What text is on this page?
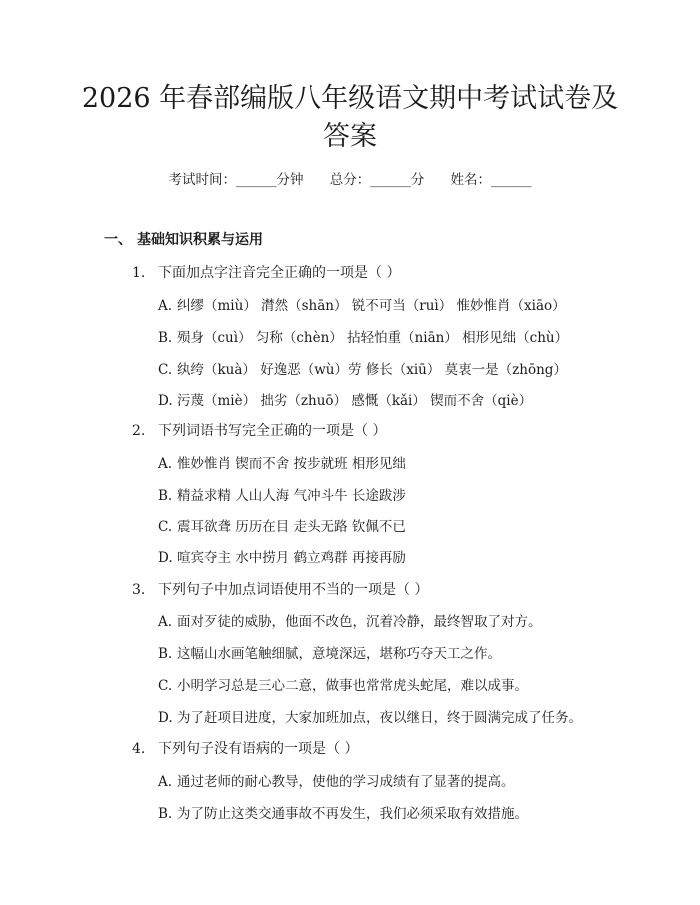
2026 年春部编版八年级语文期中考试试卷及
答案
考试时间：______分钟 总分：______分 姓名：______
一、 基础知识积累与运用
1. 下面加点字注音完全正确的一项是（ ）
A. 纠缪（miù） 潸然（shān） 锐不可当（ruì） 惟妙惟肖（xiāo）
B. 殒身（cuì） 匀称（chèn） 拈轻怕重（niān） 相形见绌（chù）
C. 纨绔（kuà） 好逸恶（wù）劳 修长（xiū） 莫衷一是（zhōng）
D. 污蔑（miè） 拙劣（zhuō） 感慨（kǎi） 锲而不舍（qiè）
2. 下列词语书写完全正确的一项是（ ）
A. 惟妙惟肖 锲而不舍 按步就班 相形见绌
B. 精益求精 人山人海 气冲斗牛 长途跋涉
C. 震耳欲聋 历历在目 走头无路 钦佩不已
D. 喧宾夺主 水中捞月 鹤立鸡群 再接再励
3. 下列句子中加点词语使用不当的一项是（ ）
A. 面对歹徒的威胁，他面不改色，沉着冷静，最终智取了对方。
B. 这幅山水画笔触细腻，意境深远，堪称巧夺天工之作。
C. 小明学习总是三心二意，做事也常常虎头蛇尾，难以成事。
D. 为了赶项目进度，大家加班加点，夜以继日，终于圆满完成了任务。
4. 下列句子没有语病的一项是（ ）
A. 通过老师的耐心教导，使他的学习成绩有了显著的提高。
B. 为了防止这类交通事故不再发生，我们必须采取有效措施。
